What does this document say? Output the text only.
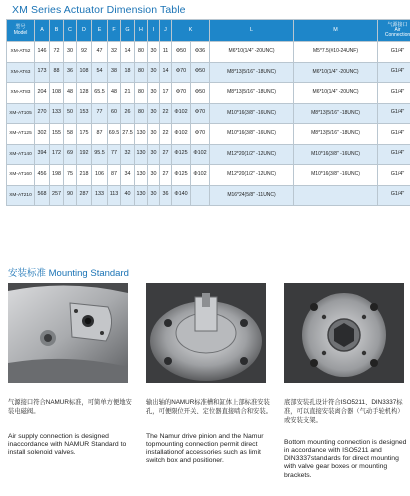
XM Series Actuator Dimension Table
型号
Model	A	B	C	D	E	F	G	H	I	J	K		L	M	气源接口
Air
Connection

XM-AT52	146	72	30	92	47	32	14	80	30	11	Φ50	Φ36	M6*10(1/4" -20UNC)	M5*7.5(#10-24UNF)	G1/4"
XM-AT63	173	88	36	108	54	38	18	80	30	14	Φ70	Φ50	M8*13(5/16" -18UNC)	M6*10(1/4" -20UNC)	G1/4"
XM-AT83	204	108	48	128	65.5	48	21	80	30	17	Φ70	Φ50	M8*13(5/16" -18UNC)	M6*10(1/4" -20UNC)	G1/4"
XM-AT105	270	133	50	153	77	60	26	80	30	22	Φ102	Φ70	M10*16(3/8" -16UNC)	M8*13(5/16" -18UNC)	G1/4"
XM-AT125	302	155	58	175	87	69.5	27.5	130	30	22	Φ102	Φ70	M10*16(3/8" -16UNC)	M8*13(5/16" -18UNC)	G1/4"
XM-AT140	394	172	69	192	95.5	77	32	130	30	27	Φ125	Φ102	M12*20(1/2" -12UNC)	M10*16(3/8" -16UNC)	G1/4"
XM-AT160	456	198	75	218	106	87	34	130	30	27	Φ125	Φ102	M12*20(1/2" -12UNC)	M10*16(3/8" -16UNC)	G1/4"
XM-AT210	568	257	90	287	133	113	40	130	30	36	Φ140		M16*24(5/8" -11UNC)		G1/4"
安装标准 Mounting Standard
气源接口符合NAMUR标准，可简单方便地安装电磁阀。
Air supply connection is designed inaccordance with NAMUR Standard to install solenoid valves.
输出轴的NAMUR标准槽和缸体上部标准安装孔，可便限位开关、定位器直接啮合和安装。
The Namur drive pinion and the Namur topmounting connection permit direct installationof accessories such as limit switch box and positioner.
底部安装孔设计符合ISO5211、DIN3337标准，可以直接安装离合器（气动手轮机构）或安装支架。
Bottom mounting connection is designed in accordance with ISO5211 and DIN3337standards for direct mounting with valve gear boxes or mounting brackets.
